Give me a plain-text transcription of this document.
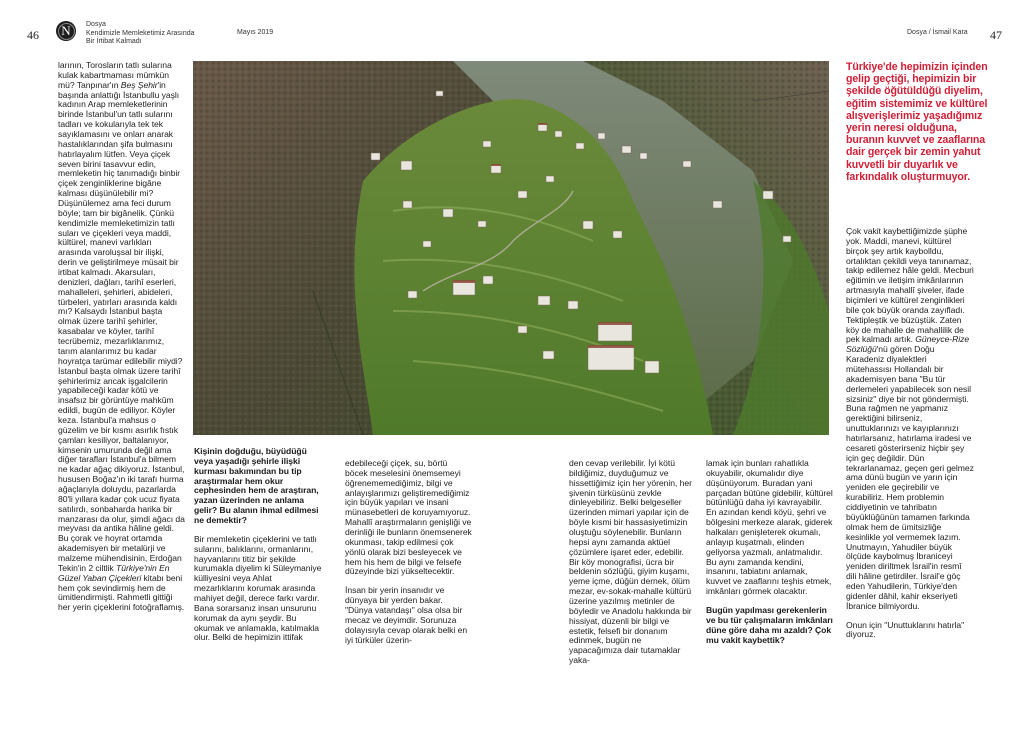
46 N Dosya
Kendimizle Memleketimiz Arasında
Bir İrtibat Kalmadı
Mayıs 2019	Dosya / İsmail Kara 47

larının, Torosların tatlı sularına kulak kabartmaması mümkün mü? Tanpınar'ın Beş Şehir'in başında anlattığı İstanbullu yaşlı kadının Arap memleketlerinin birinde İstanbul'un tatlı sularını tadları ve kokularıyla tek tek sayıklamasını ve onları anarak hastalıklarından şifa bulmasını hatırlayalım lütfen. Veya çiçek seven birini tasavvur edin, memleketin hiç tanımadığı binbir çiçek zenginliklerine bigâne kalması düşünülebilir mi? Düşünülemez ama feci durum böyle; tam bir bigânelik. Çünkü kendimizle memleketimizin tatlı suları ve çiçekleri veya maddi, kültürel, manevi varlıkları arasında varoluşsal bir ilişki, derin ve geliştirilmeye müsait bir irtibat kalmadı. Akarsuları, denizleri, dağları, tarihî eserleri, mahalleleri, şehirleri, abideleri, türbeleri, yatırları arasında kaldı mı? Kalsaydı İstanbul başta olmak üzere tarihî şehirler, kasabalar ve köyler, tarihî tecrübemiz, mezarlıklarımız, tarım alanlarımız bu kadar hoyratça tarümar edilebilir miydi? İstanbul başta olmak üzere tarihî şehirlerimiz ancak işgalcilerin yapabileceği kadar kötü ve insafsız bir görüntüye mahkûm edildi, bugün de ediliyor. Köyler keza. İstanbul'a mahsus o güzelim ve bir kısmı asırlık fıstık çamları kesiliyor, baltalanıyor, kimsenin umurunda değil ama diğer tarafları İstanbul'a bilmem ne kadar ağaç dikiyoruz. İstanbul, hususen Boğaz'ın iki tarafı hurma ağaçlarıyla doluydu, pazarlarda 80'li yıllara kadar çok ucuz fiyata satılırdı, sonbaharda harika bir manzarası da olur, şimdi ağacı da meyvası da antika hâline geldi. Bu çorak ve hoyrat ortamda akademisyen bir metalürji ve malzeme mühendisinin, Erdoğan Tekin'in 2 ciltlik Türkiye'nin En Güzel Yaban Çiçekleri kitabı beni hem çok sevindirmiş hem de ümitlendirmişti. Rahmetli gittiği her yerin çiçeklerini fotoğraflamış.

Kişinin doğduğu, büyüdüğü veya yaşadığı şehirle ilişki kurması bakımından bu tip araştırmalar hem okur cephesinden hem de araştıran, yazan üzerinden ne anlama gelir? Bu alanın ihmal edilmesi ne demektir?

Bir memleketin çiçeklerini ve tatlı sularını, balıklarını, ormanlarını, hayvanlarını titiz bir şekilde kurumakla diyelim ki Süleymaniye külliyesini veya Ahlat mezarlıklarını korumak arasında mahiyet değil, derece farkı vardır. Bana sorarsanız insan unsurunu korumak da aynı şeydir. Bu okumak ve anlamakla, katılmakla olur. Belki de hepimizin ittifak

edebileceği çiçek, su, börtü böcek meselesini önemsemeyi öğrenememediğimiz, bilgi ve anlayışlarımızı geliştiremediğimiz için büyük yapıları ve insani münasebetleri de koruyamıyoruz. Mahallî araştırmaların genişliği ve derinliği ile bunların önemsenerek okunması, takip edilmesi çok yönlü olarak bizi besleyecek ve hem his hem de bilgi ve felsefe düzeyinde bizi yükseltecektir.

İnsan bir yerin insanıdır ve dünyaya bir yerden bakar. "Dünya vatandaşı" olsa olsa bir mecaz ve deyimdir. Sorunuza dolayısıyla cevap olarak belki en iyi türküler üzerin-

den cevap verilebilir. İyi kötü bildiğimiz, duyduğumuz ve hissettiğimiz için her yörenin, her şivenin türküsünü zevkle dinleyebiliriz. Belki belgeseller üzerinden mimari yapılar için de böyle kısmi bir hassasiyetimizin oluştuğu söylenebilir. Bunların hepsi aynı zamanda aktüel çözümlere işaret eder, edebilir. Bir köy monografisi, ücra bir beldenin sözlüğü, giyim kuşamı, yeme içme, düğün dernek, ölüm mezar, ev-sokak-mahalle kültürü üzerine yazılmış metinler de böyledir ve Anadolu hakkında bir hissiyat, düzenli bir bilgi ve estetik, felsefi bir donanım edinmek, bugün ne yapacağımıza dair tutamaklar yaka-

lamak için bunları rahatlıkla okuyabilir, okumalıdır diye düşünüyorum. Buradan yani parçadan bütüne gidebilir, kültürel bütünlüğü daha iyi kavrayabilir. En azından kendi köyü, şehri ve bölgesini merkeze alarak, giderek halkaları genişleterek okumalı, anlayıp kuşatmalı, elinden geliyorsa yazmalı, anlatmalıdır. Bu aynı zamanda kendini, insanını, tabiatını anlamak, kuvvet ve zaaflarını teşhis etmek, imkânları görmek olacaktır.

Bugün yapılması gerekenlerin ve bu tür çalışmaların imkânları düne göre daha mı azaldı? Çok mu vakit kaybettik?

Türkiye'de hepimizin içinden gelip geçtiği, hepimizin bir şekilde öğütüldüğü diyelim, eğitim sistemimiz ve kültürel alışverişlerimiz yaşadığımız yerin neresi olduğuna, buranın kuvvet ve zaaflarına dair gerçek bir zemin yahut kuvvetli bir duyarlık ve farkındalık oluşturmuyor.

Çok vakit kaybettiğimizde şüphe yok. Maddi, manevi, kültürel birçok şey artık kaybolldu, ortalıktan çekildi veya tanınamaz, takip edilemez hâle geldi. Mecburi eğitimin ve iletişim imkânlarının artmasıyla mahallî şiveler, ifade biçimleri ve kültürel zenginlikleri bile çok büyük oranda zayıfladı. Tektipleştik ve büzüştük. Zaten köy de mahalle de mahallilik de pek kalmadı artık. Güneyce-Rize Sözlüğü'nü gören Doğu Karadeniz diyalektleri mütehassısı Hollandalı bir akademisyen bana "Bu tür derlemeleri yapabilecek son nesil sizsiniz" diye bir not göndermişti. Buna rağmen ne yapmanız gerektiğini bilirseniz, unuttuklarınızı ve kayıplarınızı hatırlarsanız, hatırlama iradesi ve cesareti gösterirseniz hiçbir şey için geç değildir. Dün tekrarlanamaz, geçen geri gelmez ama dünü bugün ve yarın için yeniden ele geçirebilir ve kurabiliriz. Hem problemin ciddiyetinin ve tahribatın büyüklüğünün tamamen farkında olmak hem de ümitsizliğe kesinlikle yol vermemek lazım. Unutmayın, Yahudiler büyük ölçüde kaybolmuş İbraniceyi yeniden diriltmek İsrail'in resmî dili hâline getirdiler. İsrail'e göç eden Yahudilerin, Türkiye'den gidenler dâhil, kahir ekseriyeti İbranice bilmiyordu.

Onun için "Unuttuklarını hatırla" diyoruz.
